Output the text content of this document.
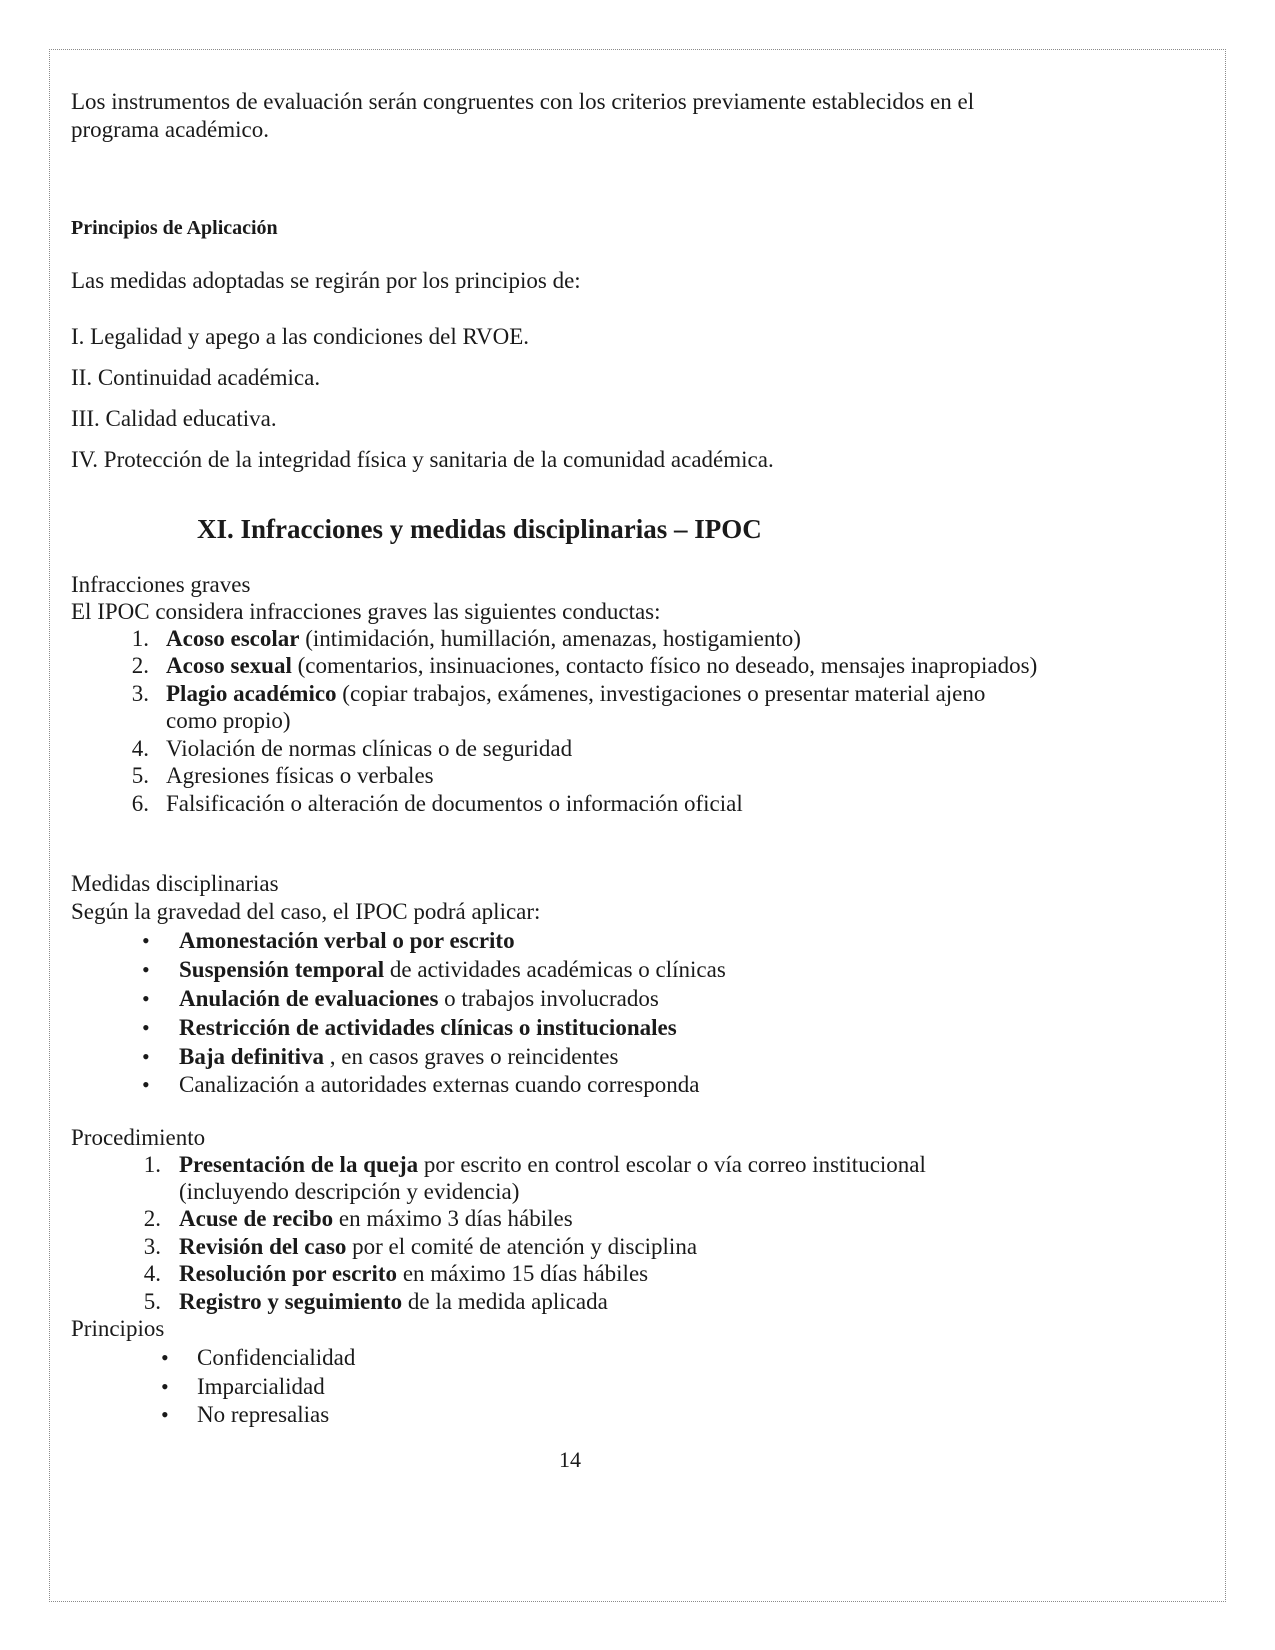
Los instrumentos de evaluación serán congruentes con los criterios previamente establecidos en el

programa académico.

Principios de Aplicación

Las medidas adoptadas se regirán por los principios de:

I. Legalidad y apego a las condiciones del RVOE.

II. Continuidad académica.

III. Calidad educativa.

IV. Protección de la integridad física y sanitaria de la comunidad académica.

XI. Infracciones y medidas disciplinarias – IPOC

Infracciones graves

El IPOC considera infracciones graves las siguientes conductas:

1. Acoso escolar (intimidación, humillación, amenazas, hostigamiento)
2. Acoso sexual (comentarios, insinuaciones, contacto físico no deseado, mensajes inapropiados)
3. Plagio académico (copiar trabajos, exámenes, investigaciones o presentar material ajeno
como propio)
4. Violación de normas clínicas o de seguridad
5. Agresiones físicas o verbales
6. Falsificación o alteración de documentos o información oficial

Medidas disciplinarias

Según la gravedad del caso, el IPOC podrá aplicar:

• Amonestación verbal o por escrito
• Suspensión temporal de actividades académicas o clínicas
• Anulación de evaluaciones o trabajos involucrados
• Restricción de actividades clínicas o institucionales
• Baja definitiva , en casos graves o reincidentes
• Canalización a autoridades externas cuando corresponda

Procedimiento

1. Presentación de la queja por escrito en control escolar o vía correo institucional
(incluyendo descripción y evidencia)
2. Acuse de recibo en máximo 3 días hábiles
3. Revisión del caso por el comité de atención y disciplina
4. Resolución por escrito en máximo 15 días hábiles
5. Registro y seguimiento de la medida aplicada

Principios

• Confidencialidad
• Imparcialidad
• No represalias

14
